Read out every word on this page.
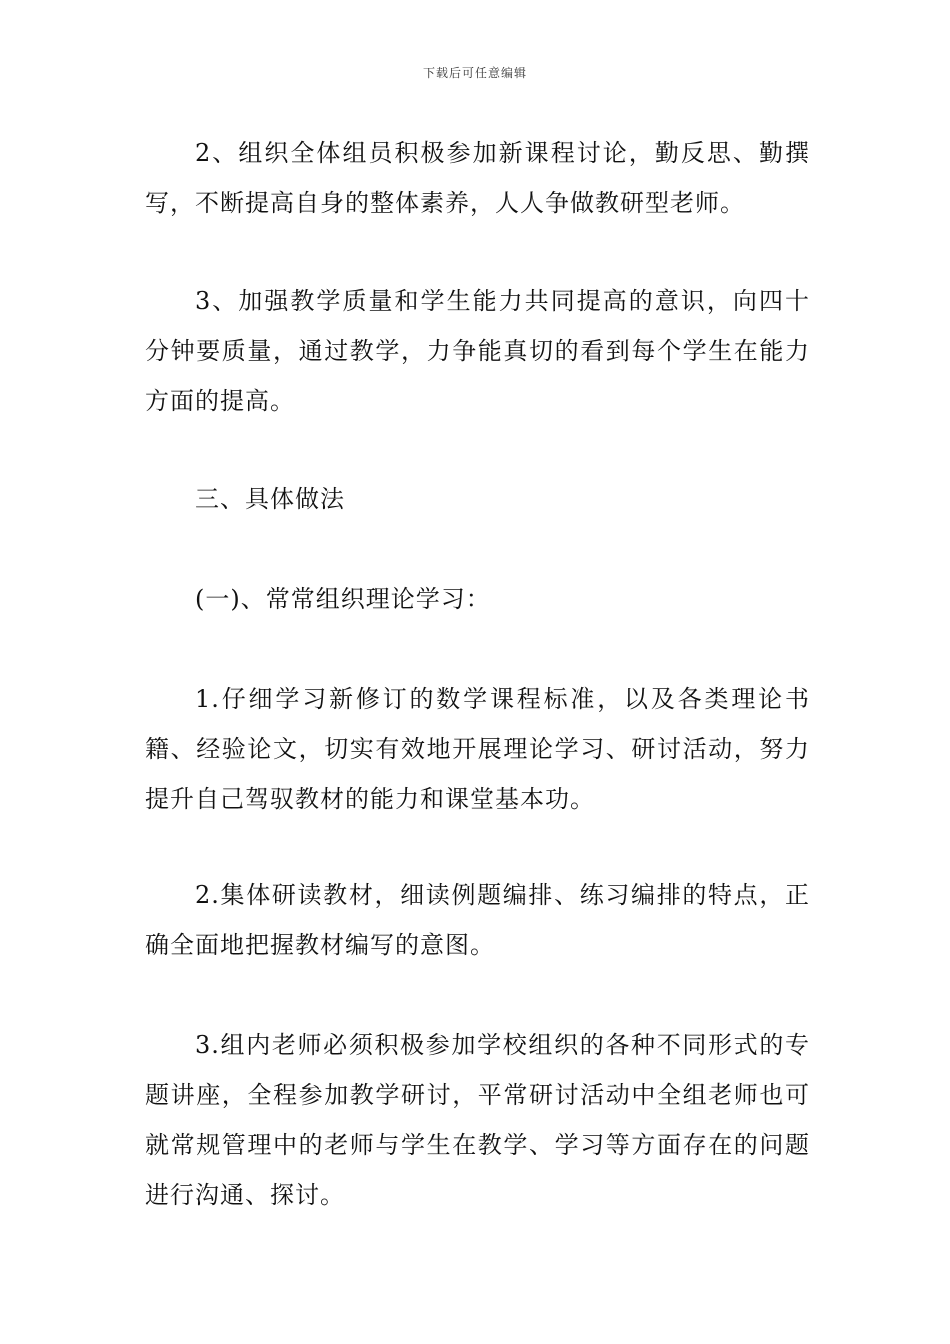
下载后可任意编辑

2、组织全体组员积极参加新课程讨论，勤反思、勤撰写，不断提高自身的整体素养，人人争做教研型老师。

3、加强教学质量和学生能力共同提高的意识，向四十分钟要质量，通过教学，力争能真切的看到每个学生在能力方面的提高。

三、具体做法

(一)、常常组织理论学习：

1.仔细学习新修订的数学课程标准，以及各类理论书籍、经验论文，切实有效地开展理论学习、研讨活动，努力提升自己驾驭教材的能力和课堂基本功。

2.集体研读教材，细读例题编排、练习编排的特点，正确全面地把握教材编写的意图。

3.组内老师必须积极参加学校组织的各种不同形式的专题讲座，全程参加教学研讨，平常研讨活动中全组老师也可就常规管理中的老师与学生在教学、学习等方面存在的问题进行沟通、探讨。
